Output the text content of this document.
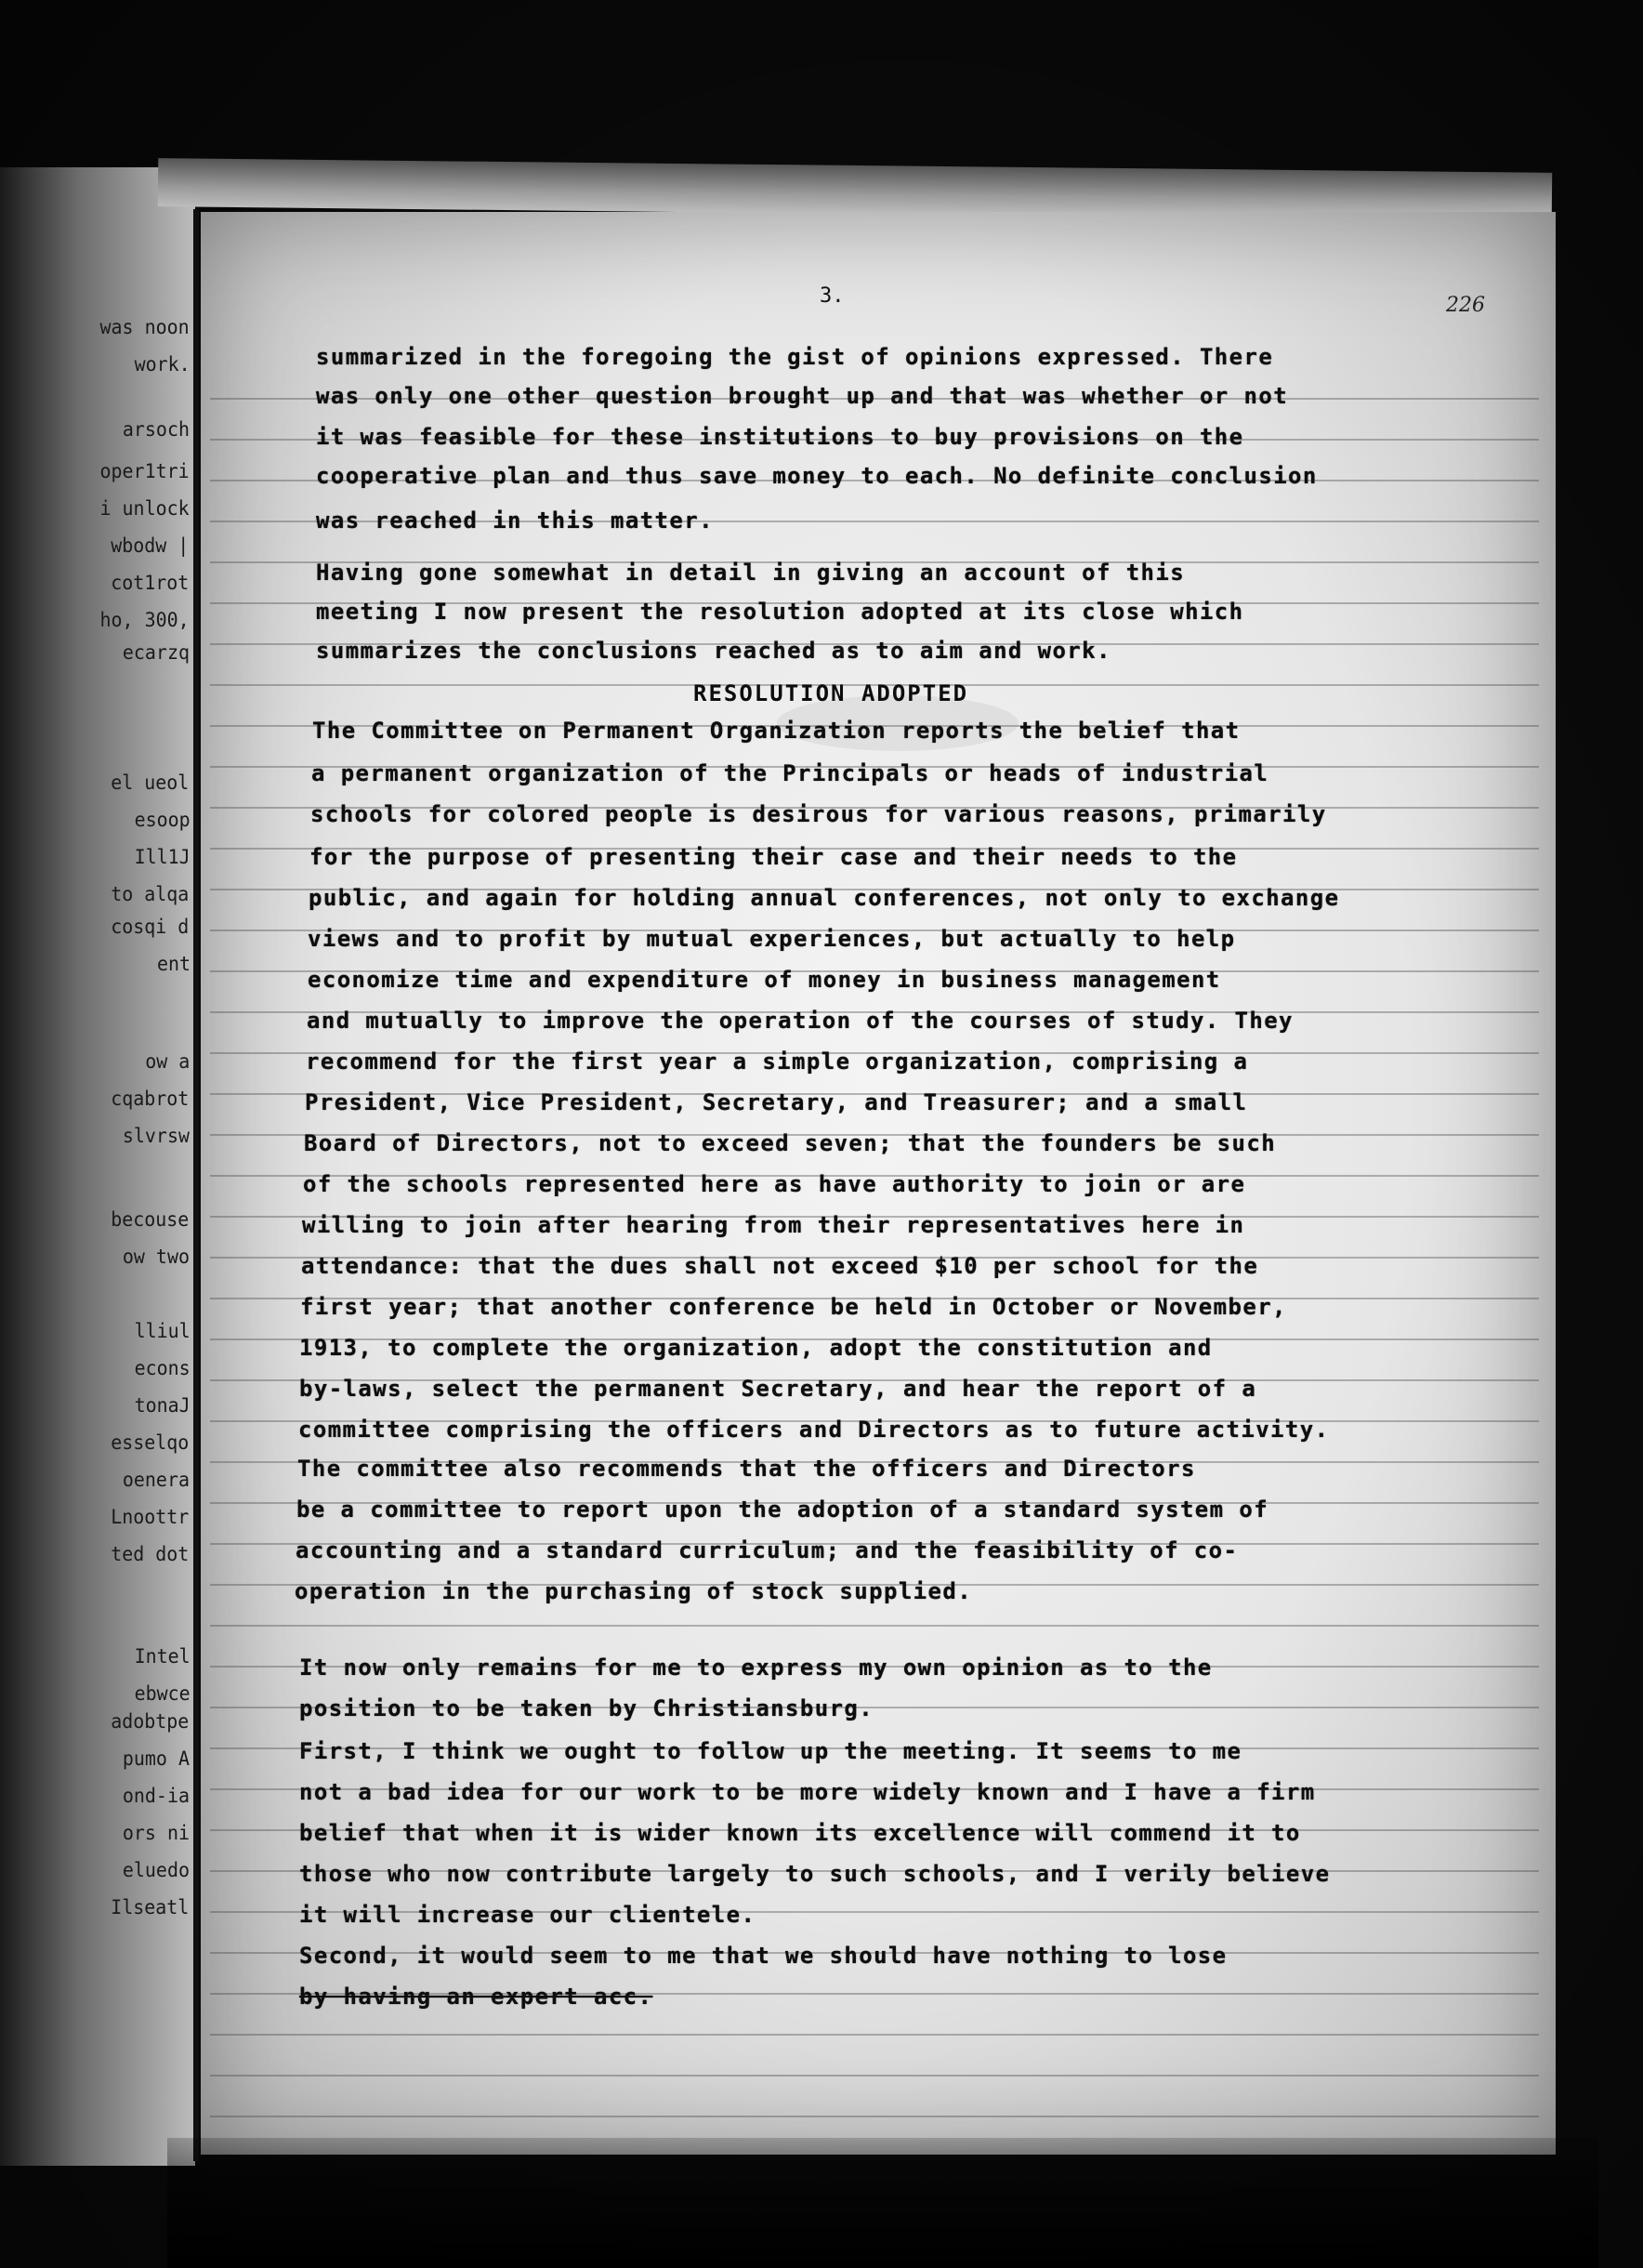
was noon
work.
arsoch
oper1tri
i unlock
wbodw |
cot1rot
ho, 300,
ecarzq
el ueol
esoop
Ill1J
to alqa
cosqi d
ent
ow a
cqabrot
slvrsw
becouse
ow two
lliul
econs
tonaJ
esselqo
oenera
Lnoottr
ted dot
Intel
ebwce
adobtpe
pumo A
ond-ia
ors ni
eluedo
Ilseatl
3.	226
summarized in the foregoing the gist of opinions expressed. There
was only one other question brought up and that was whether or not
it was feasible for these institutions to buy provisions on the
cooperative plan and thus save money to each. No definite conclusion
was reached in this matter.
Having gone somewhat in detail in giving an account of this
meeting I now present the resolution adopted at its close which
summarizes the conclusions reached as to aim and work.
RESOLUTION ADOPTED
The Committee on Permanent Organization reports the belief that
a permanent organization of the Principals or heads of industrial
schools for colored people is desirous for various reasons, primarily
for the purpose of presenting their case and their needs to the
public, and again for holding annual conferences, not only to exchange
views and to profit by mutual experiences, but actually to help
economize time and expenditure of money in business management
and mutually to improve the operation of the courses of study. They
recommend for the first year a simple organization, comprising a
President, Vice President, Secretary, and Treasurer; and a small
Board of Directors, not to exceed seven; that the founders be such
of the schools represented here as have authority to join or are
willing to join after hearing from their representatives here in
attendance: that the dues shall not exceed $10 per school for the
first year; that another conference be held in October or November,
1913, to complete the organization, adopt the constitution and
by-laws, select the permanent Secretary, and hear the report of a
committee comprising the officers and Directors as to future activity.
The committee also recommends that the officers and Directors
be a committee to report upon the adoption of a standard system of
accounting and a standard curriculum; and the feasibility of co-
operation in the purchasing of stock supplied.
It now only remains for me to express my own opinion as to the
position to be taken by Christiansburg.
First, I think we ought to follow up the meeting. It seems to me
not a bad idea for our work to be more widely known and I have a firm
belief that when it is wider known its excellence will commend it to
those who now contribute largely to such schools, and I verily believe
it will increase our clientele.
Second, it would seem to me that we should have nothing to lose
by having an expert acc.
